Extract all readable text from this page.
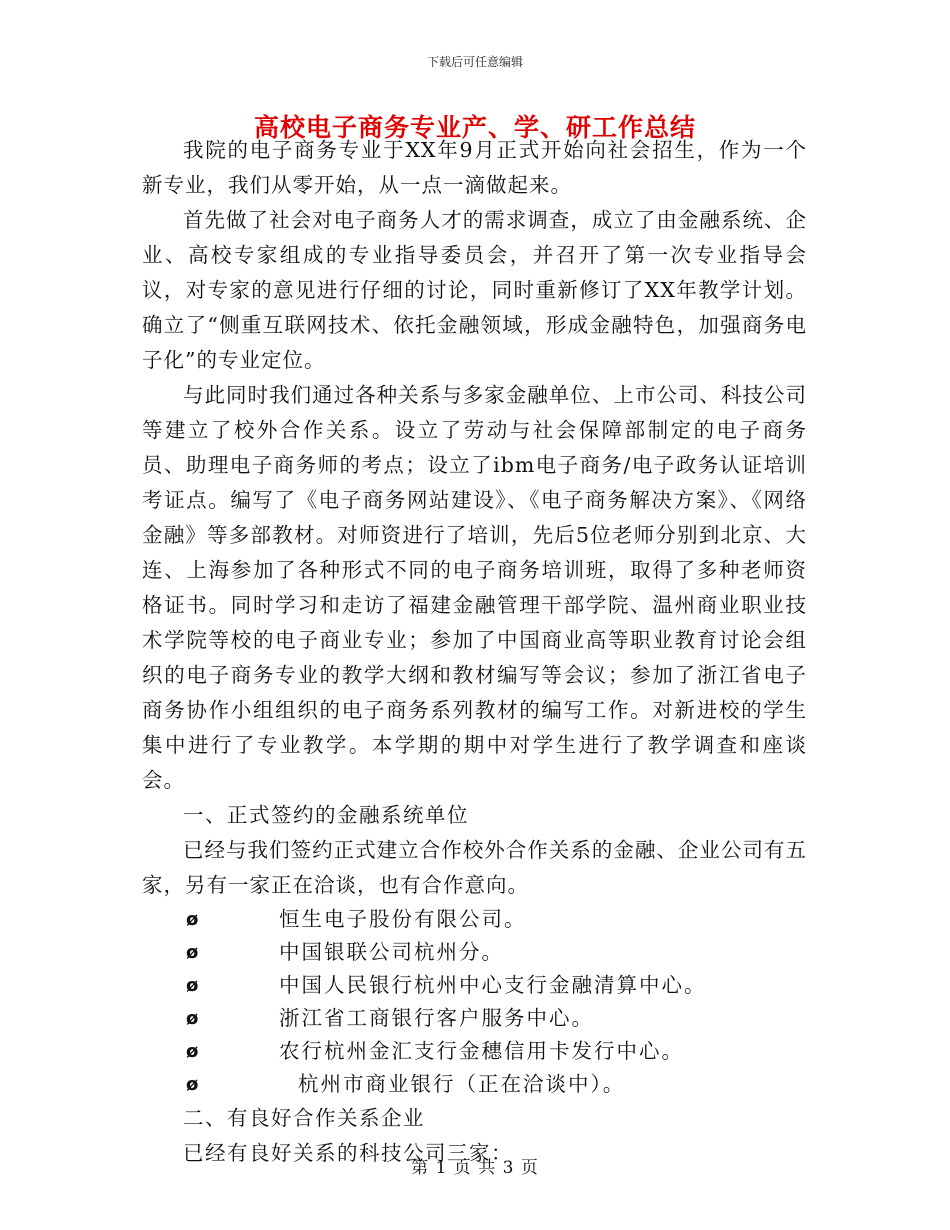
下载后可任意编辑
高校电子商务专业产、学、研工作总结

我院的电子商务专业于XX年9月正式开始向社会招生，作为一个新专业，我们从零开始，从一点一滴做起来。

首先做了社会对电子商务人才的需求调查，成立了由金融系统、企业、高校专家组成的专业指导委员会，并召开了第一次专业指导会议，对专家的意见进行仔细的讨论，同时重新修订了XX年教学计划。确立了“侧重互联网技术、依托金融领域，形成金融特色，加强商务电子化”的专业定位。

与此同时我们通过各种关系与多家金融单位、上市公司、科技公司等建立了校外合作关系。设立了劳动与社会保障部制定的电子商务员、助理电子商务师的考点；设立了ibm电子商务/电子政务认证培训考证点。编写了《电子商务网站建设》、《电子商务解决方案》、《网络金融》等多部教材。对师资进行了培训，先后5位老师分别到北京、大连、上海参加了各种形式不同的电子商务培训班，取得了多种老师资格证书。同时学习和走访了福建金融管理干部学院、温州商业职业技术学院等校的电子商业专业；参加了中国商业高等职业教育讨论会组织的电子商务专业的教学大纲和教材编写等会议；参加了浙江省电子商务协作小组组织的电子商务系列教材的编写工作。对新进校的学生集中进行了专业教学。本学期的期中对学生进行了教学调查和座谈会。

一、正式签约的金融系统单位

已经与我们签约正式建立合作校外合作关系的金融、企业公司有五家，另有一家正在洽谈，也有合作意向。

ø	恒生电子股份有限公司。
ø	中国银联公司杭州分。
ø	中国人民银行杭州中心支行金融清算中心。
ø	浙江省工商银行客户服务中心。
ø	农行杭州金汇支行金穗信用卡发行中心。
ø	杭州市商业银行（正在洽谈中）。

二、有良好合作关系企业

已经有良好关系的科技公司三家：

第 1 页 共 3 页
